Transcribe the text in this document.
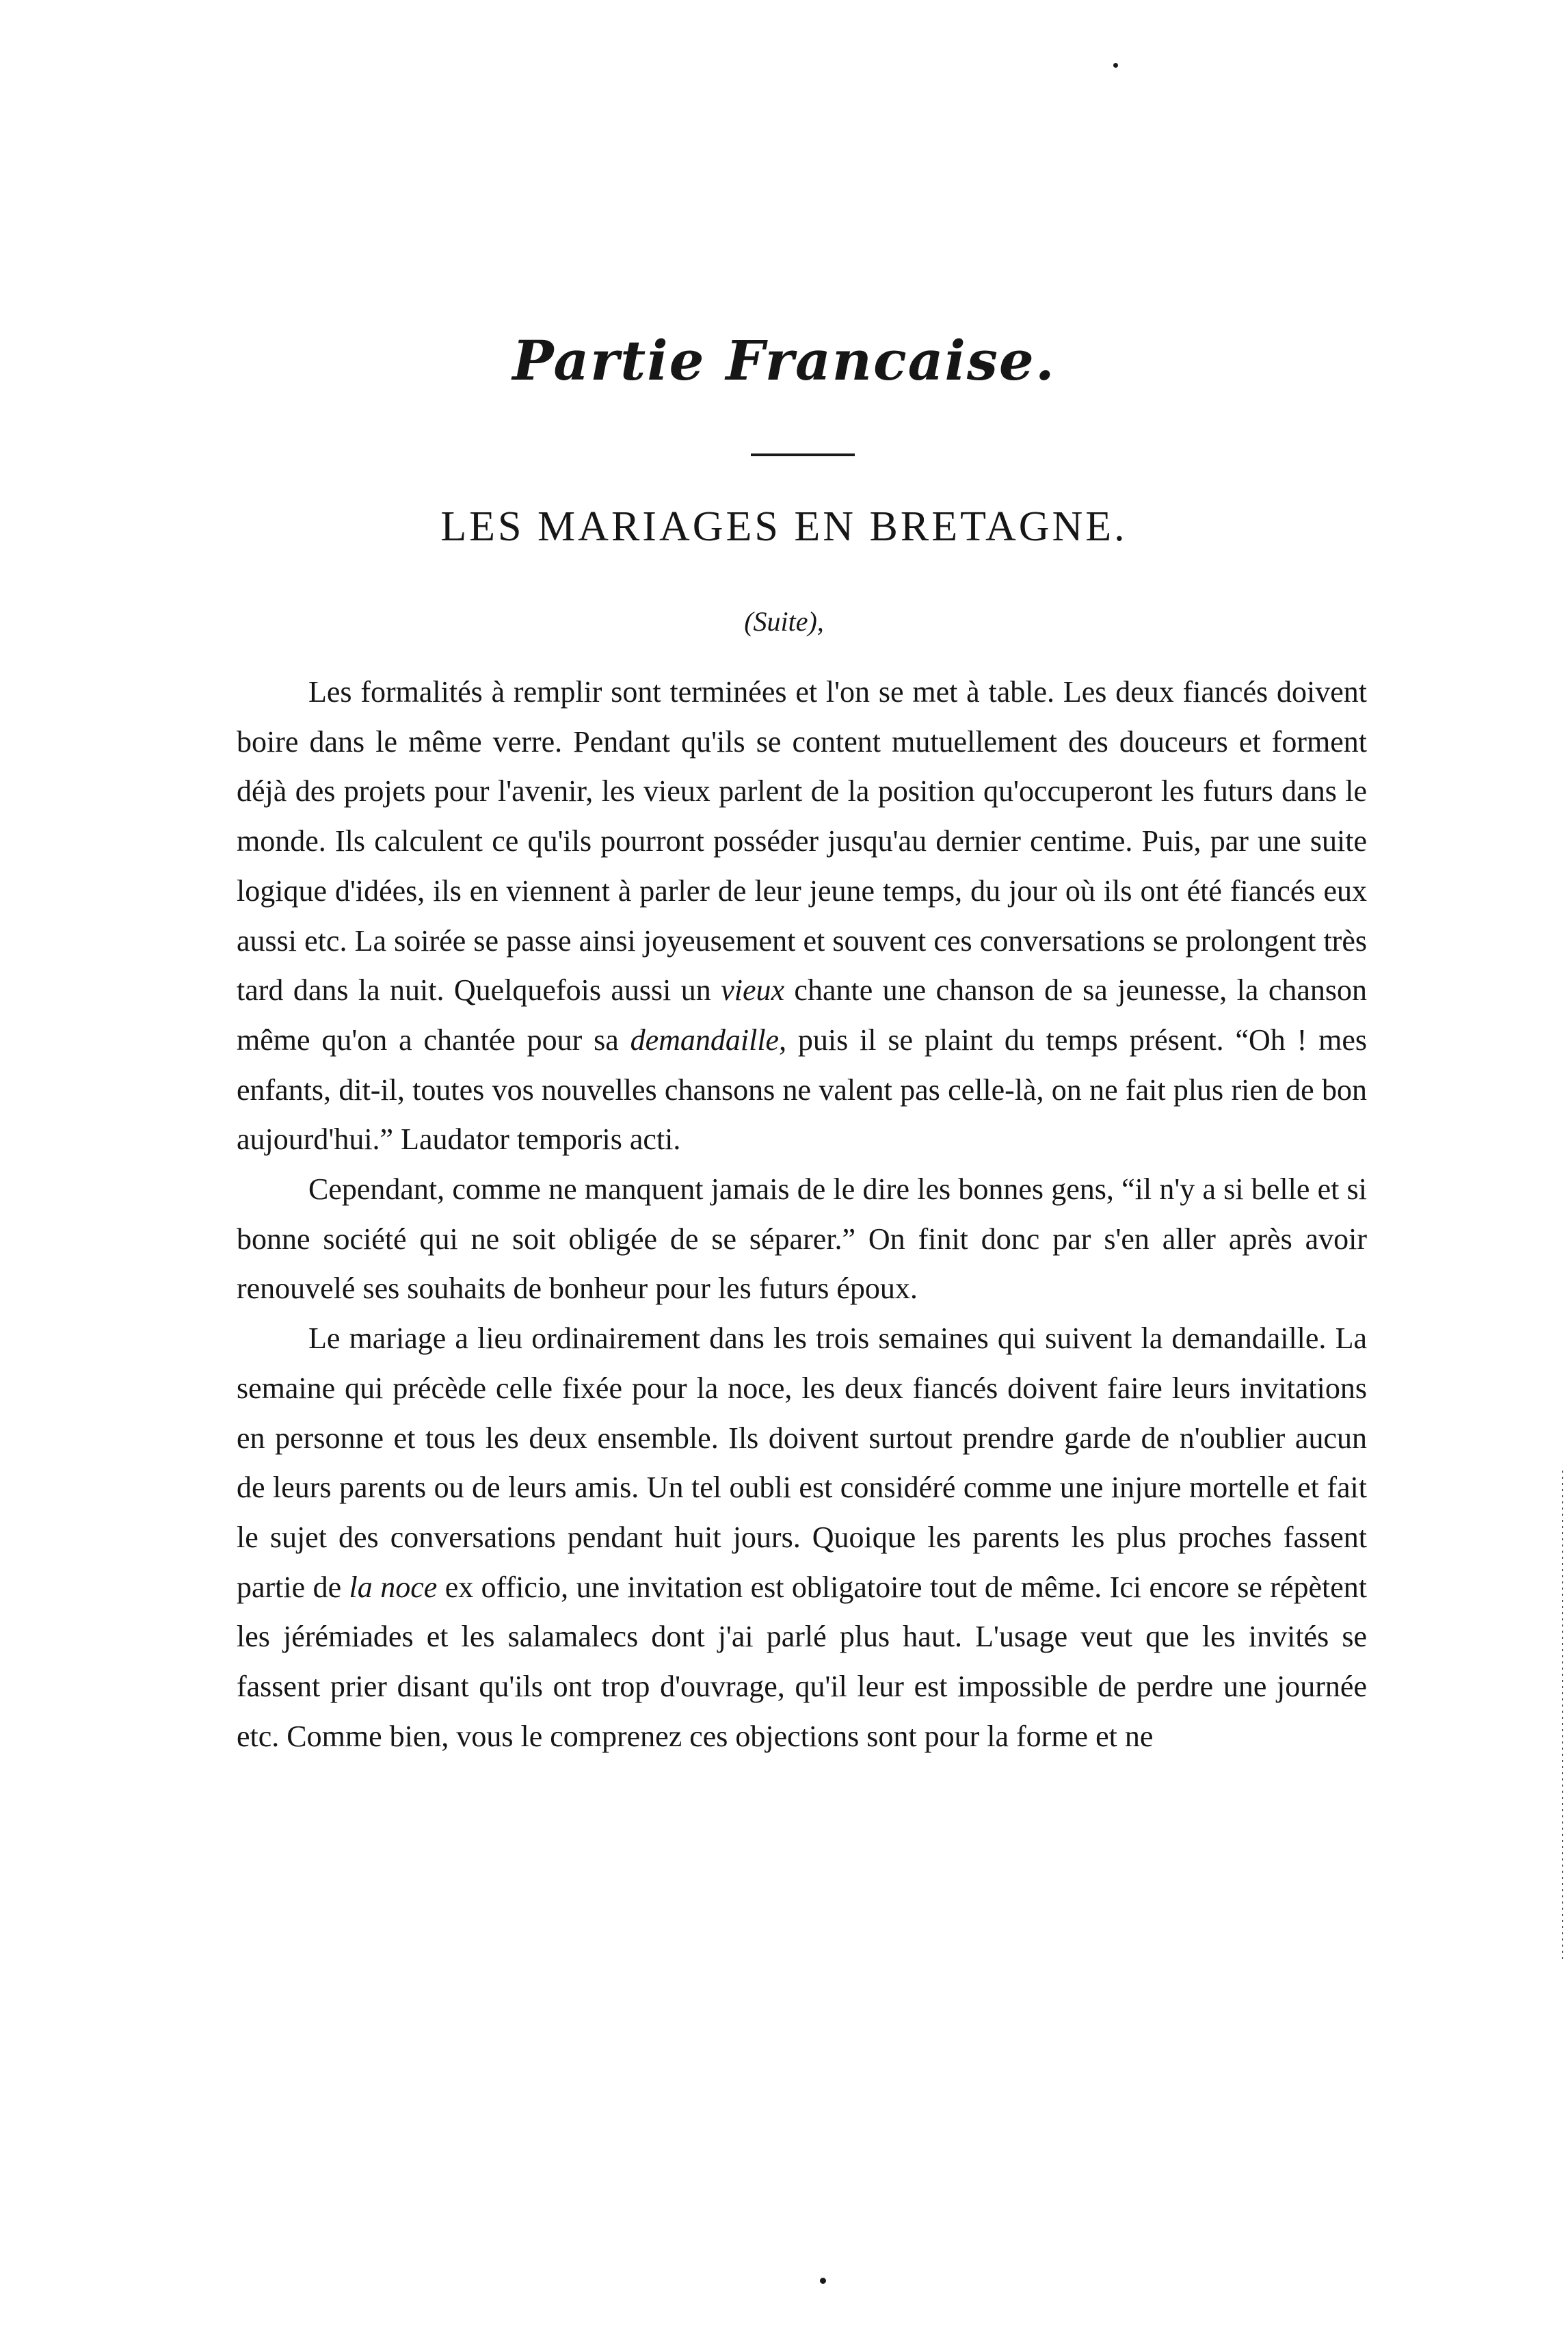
Partie Francaise.
LES MARIAGES EN BRETAGNE.
(Suite),

Les formalités à remplir sont terminées et l'on se met à table. Les deux fiancés doivent boire dans le même verre. Pendant qu'ils se content mutuellement des douceurs et forment déjà des projets pour l'avenir, les vieux parlent de la position qu'occuperont les futurs dans le monde. Ils calculent ce qu'ils pourront posséder jusqu'au dernier centime. Puis, par une suite logique d'idées, ils en viennent à parler de leur jeune temps, du jour où ils ont été fiancés eux aussi etc. La soirée se passe ainsi joyeusement et souvent ces conversations se prolongent très tard dans la nuit. Quelquefois aussi un vieux chante une chanson de sa jeunesse, la chanson même qu'on a chantée pour sa demandaille, puis il se plaint du temps présent. “Oh ! mes enfants, dit-il, toutes vos nouvelles chansons ne valent pas celle-là, on ne fait plus rien de bon aujourd'hui.” Laudator temporis acti.

Cependant, comme ne manquent jamais de le dire les bonnes gens, “il n'y a si belle et si bonne société qui ne soit obligée de se séparer.” On finit donc par s'en aller après avoir renouvelé ses souhaits de bonheur pour les futurs époux.

Le mariage a lieu ordinairement dans les trois semaines qui suivent la demandaille. La semaine qui précède celle fixée pour la noce, les deux fiancés doivent faire leurs invitations en personne et tous les deux ensemble. Ils doivent surtout prendre garde de n'oublier aucun de leurs parents ou de leurs amis. Un tel oubli est considéré comme une injure mortelle et fait le sujet des conversations pendant huit jours. Quoique les parents les plus proches fassent partie de la noce ex officio, une invitation est obligatoire tout de même. Ici encore se répètent les jérémiades et les salamalecs dont j'ai parlé plus haut. L'usage veut que les invités se fassent prier disant qu'ils ont trop d'ouvrage, qu'il leur est impossible de perdre une journée etc. Comme bien, vous le comprenez ces objections sont pour la forme et ne
